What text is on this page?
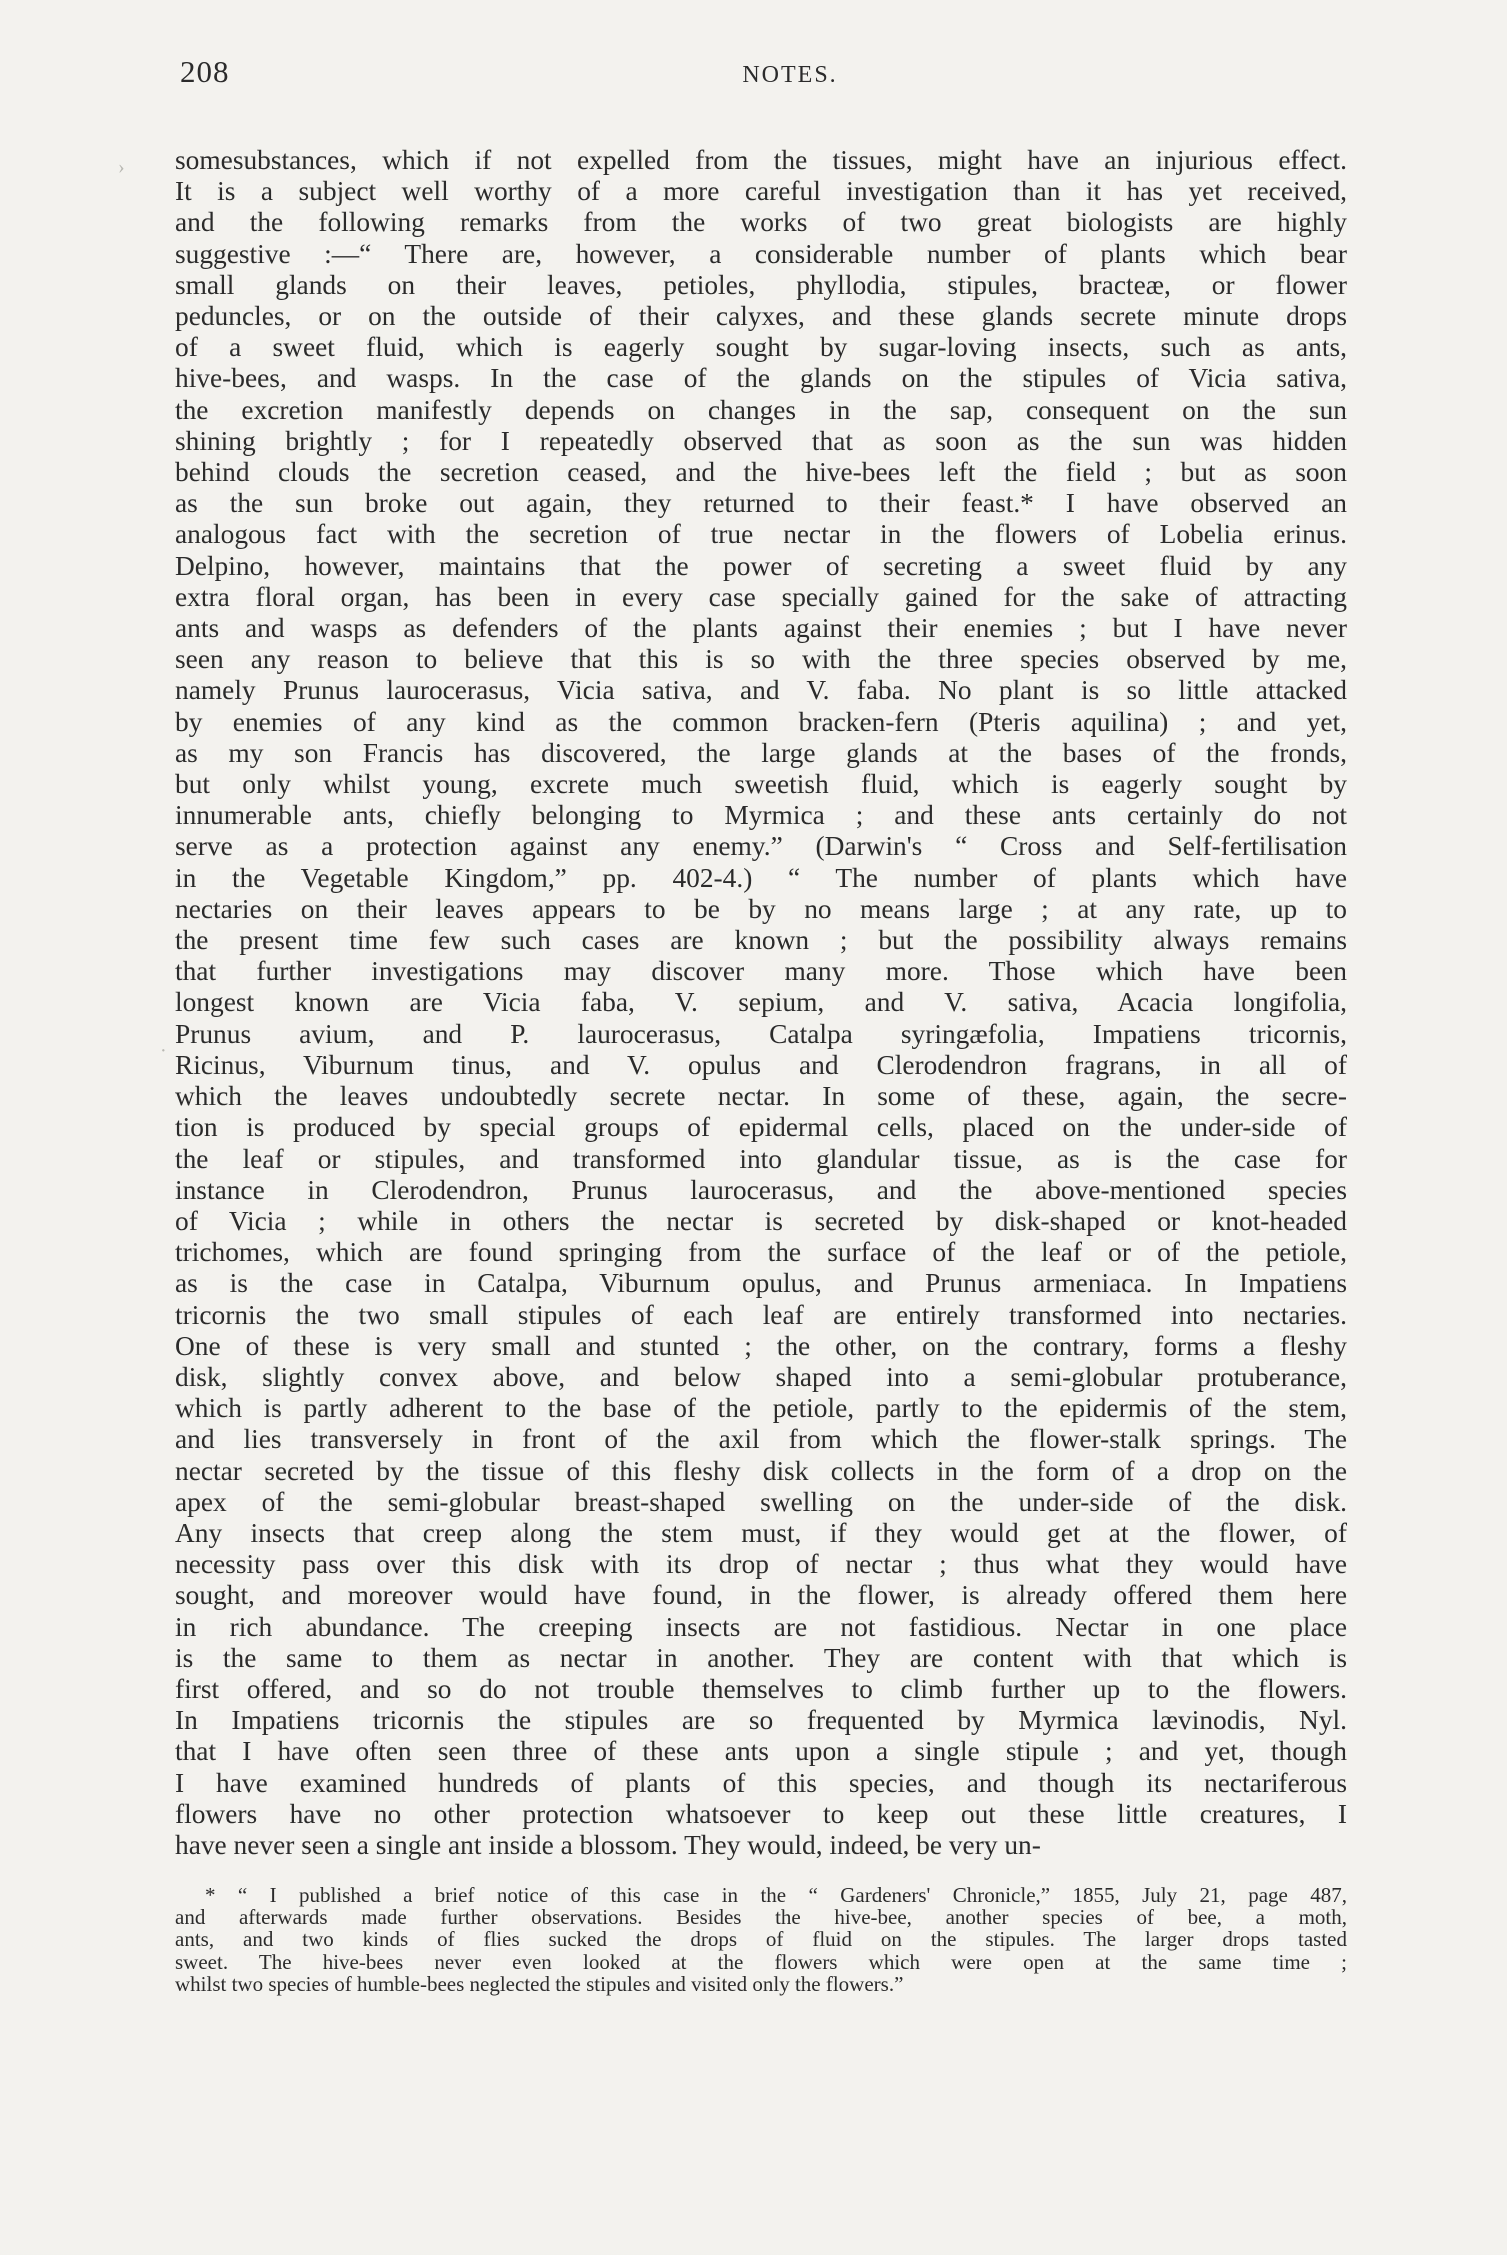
208	NOTES.
›
·
somesubstances, which if not expelled from the tissues, might have an injurious effect.
It is a subject well worthy of a more careful investigation than it has yet received,
and the following remarks from the works of two great biologists are highly
suggestive :—“ There are, however, a considerable number of plants which bear
small glands on their leaves, petioles, phyllodia, stipules, bracteæ, or flower
peduncles, or on the outside of their calyxes, and these glands secrete minute drops
of a sweet fluid, which is eagerly sought by sugar-loving insects, such as ants,
hive-bees, and wasps. In the case of the glands on the stipules of Vicia sativa,
the excretion manifestly depends on changes in the sap, consequent on the sun
shining brightly ; for I repeatedly observed that as soon as the sun was hidden
behind clouds the secretion ceased, and the hive-bees left the field ; but as soon
as the sun broke out again, they returned to their feast.* I have observed an
analogous fact with the secretion of true nectar in the flowers of Lobelia erinus.
Delpino, however, maintains that the power of secreting a sweet fluid by any
extra floral organ, has been in every case specially gained for the sake of attracting
ants and wasps as defenders of the plants against their enemies ; but I have never
seen any reason to believe that this is so with the three species observed by me,
namely Prunus laurocerasus, Vicia sativa, and V. faba. No plant is so little attacked
by enemies of any kind as the common bracken-fern (Pteris aquilina) ; and yet,
as my son Francis has discovered, the large glands at the bases of the fronds,
but only whilst young, excrete much sweetish fluid, which is eagerly sought by
innumerable ants, chiefly belonging to Myrmica ; and these ants certainly do not
serve as a protection against any enemy.” (Darwin's “ Cross and Self-fertilisation
in the Vegetable Kingdom,” pp. 402-4.) “ The number of plants which have
nectaries on their leaves appears to be by no means large ; at any rate, up to
the present time few such cases are known ; but the possibility always remains
that further investigations may discover many more. Those which have been
longest known are Vicia faba, V. sepium, and V. sativa, Acacia longifolia,
Prunus avium, and P. laurocerasus, Catalpa syringæfolia, Impatiens tricornis,
Ricinus, Viburnum tinus, and V. opulus and Clerodendron fragrans, in all of
which the leaves undoubtedly secrete nectar. In some of these, again, the secre-
tion is produced by special groups of epidermal cells, placed on the under-side of
the leaf or stipules, and transformed into glandular tissue, as is the case for
instance in Clerodendron, Prunus laurocerasus, and the above-mentioned species
of Vicia ; while in others the nectar is secreted by disk-shaped or knot-headed
trichomes, which are found springing from the surface of the leaf or of the petiole,
as is the case in Catalpa, Viburnum opulus, and Prunus armeniaca. In Impatiens
tricornis the two small stipules of each leaf are entirely transformed into nectaries.
One of these is very small and stunted ; the other, on the contrary, forms a fleshy
disk, slightly convex above, and below shaped into a semi-globular protuberance,
which is partly adherent to the base of the petiole, partly to the epidermis of the stem,
and lies transversely in front of the axil from which the flower-stalk springs. The
nectar secreted by the tissue of this fleshy disk collects in the form of a drop on the
apex of the semi-globular breast-shaped swelling on the under-side of the disk.
Any insects that creep along the stem must, if they would get at the flower, of
necessity pass over this disk with its drop of nectar ; thus what they would have
sought, and moreover would have found, in the flower, is already offered them here
in rich abundance. The creeping insects are not fastidious. Nectar in one place
is the same to them as nectar in another. They are content with that which is
first offered, and so do not trouble themselves to climb further up to the flowers.
In Impatiens tricornis the stipules are so frequented by Myrmica lævinodis, Nyl.
that I have often seen three of these ants upon a single stipule ; and yet, though
I have examined hundreds of plants of this species, and though its nectariferous
flowers have no other protection whatsoever to keep out these little creatures, I
have never seen a single ant inside a blossom. They would, indeed, be very un-
* “ I published a brief notice of this case in the “ Gardeners' Chronicle,” 1855, July 21, page 487,
and afterwards made further observations. Besides the hive-bee, another species of bee, a moth,
ants, and two kinds of flies sucked the drops of fluid on the stipules. The larger drops tasted
sweet. The hive-bees never even looked at the flowers which were open at the same time ;
whilst two species of humble-bees neglected the stipules and visited only the flowers.”
